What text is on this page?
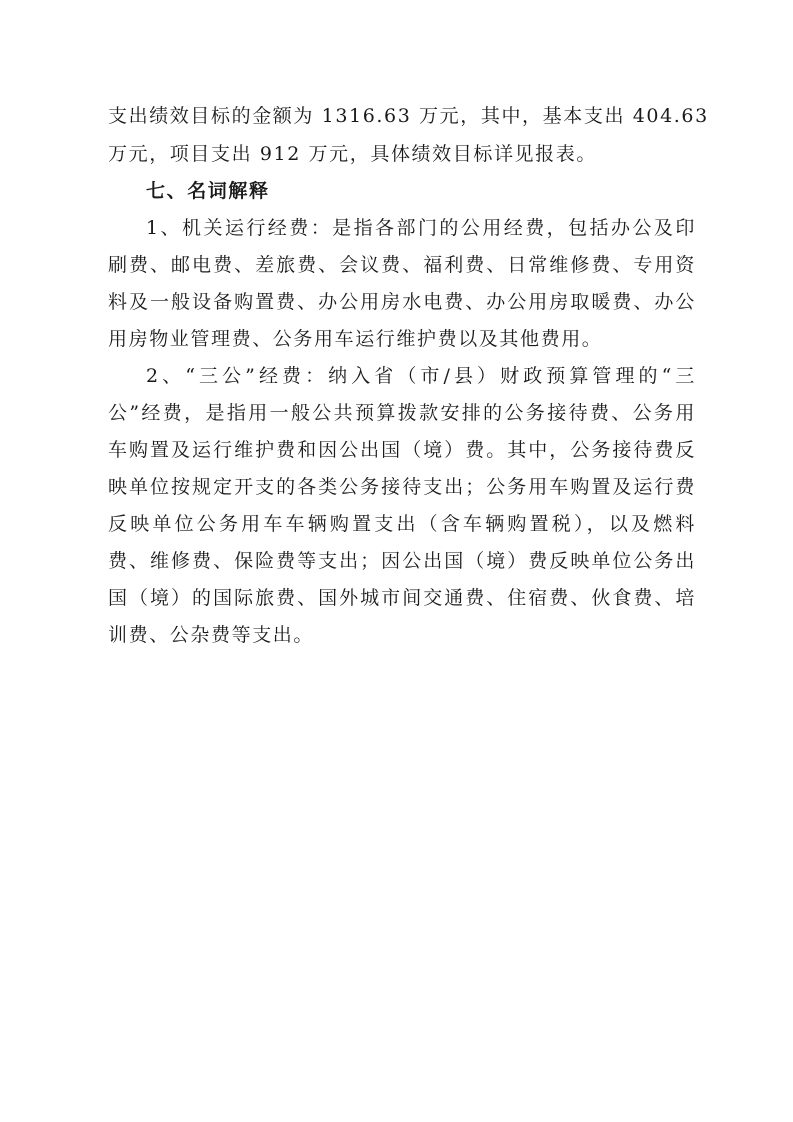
支出绩效目标的金额为 1316.63 万元，其中，基本支出 404.63
万元，项目支出 912 万元，具体绩效目标详见报表。
七、名词解释
1、机关运行经费：是指各部门的公用经费，包括办公及印
刷费、邮电费、差旅费、会议费、福利费、日常维修费、专用资
料及一般设备购置费、办公用房水电费、办公用房取暖费、办公
用房物业管理费、公务用车运行维护费以及其他费用。
2、“三公”经费：纳入省（市/县）财政预算管理的“三
公”经费，是指用一般公共预算拨款安排的公务接待费、公务用
车购置及运行维护费和因公出国（境）费。其中，公务接待费反
映单位按规定开支的各类公务接待支出；公务用车购置及运行费
反映单位公务用车车辆购置支出（含车辆购置税），以及燃料
费、维修费、保险费等支出；因公出国（境）费反映单位公务出
国（境）的国际旅费、国外城市间交通费、住宿费、伙食费、培
训费、公杂费等支出。
